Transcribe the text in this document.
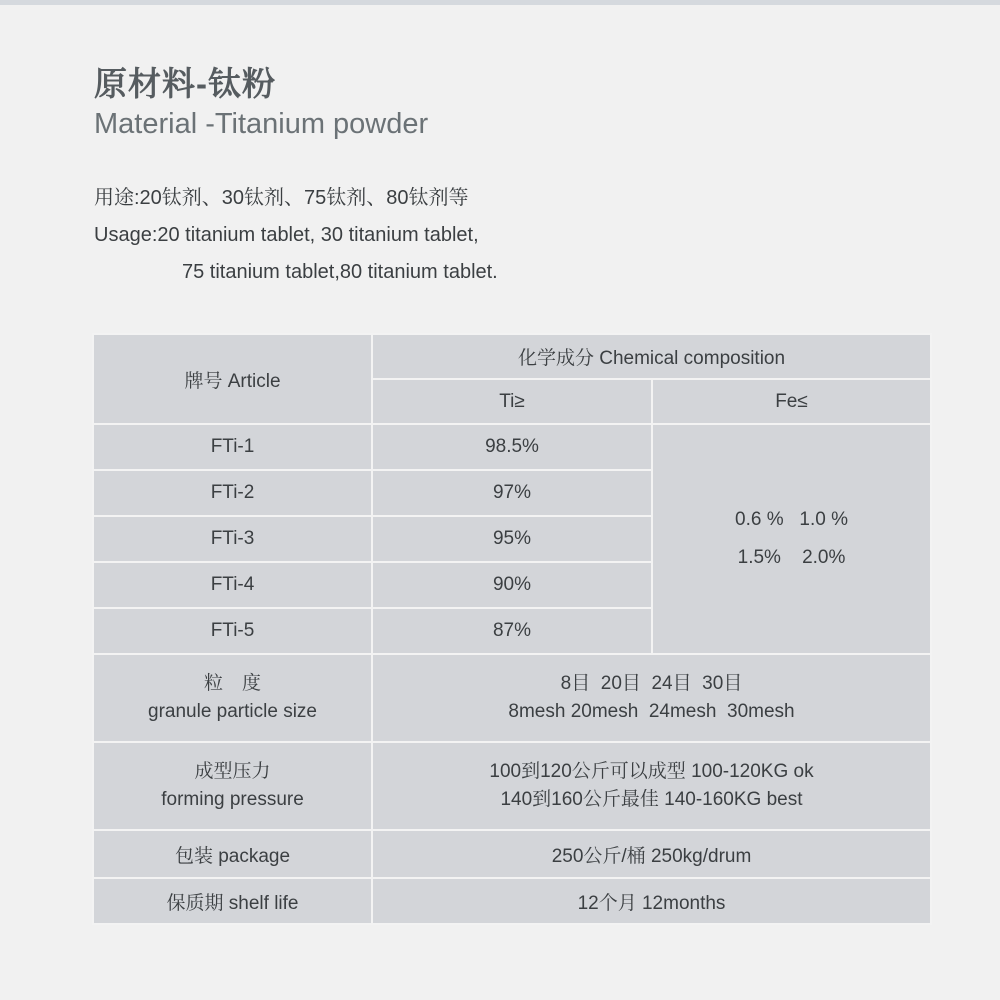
原材料-钛粉
Material -Titanium powder
用途:20钛剂、30钛剂、75钛剂、80钛剂等
Usage:20 titanium tablet, 30 titanium tablet,
75 titanium tablet,80 titanium tablet.
牌号 Article	化学成分 Chemical composition	
	Ti≥	Fe≤
FTi-1	98.5%	0.6 %   1.0 %
1.5%    2.0%

FTi-2	97%	
FTi-3	95%	
FTi-4	90%	
FTi-5	87%	

粒　度
granule particle size	8目  20目  24目  30目
8mesh 20mesh  24mesh  30mesh	

成型压力
forming pressure	100到120公斤可以成型 100-120KG ok
140到160公斤最佳 140-160KG best	

包装 package	250公斤/桶 250kg/drum	
保质期 shelf life	12个月 12months	
